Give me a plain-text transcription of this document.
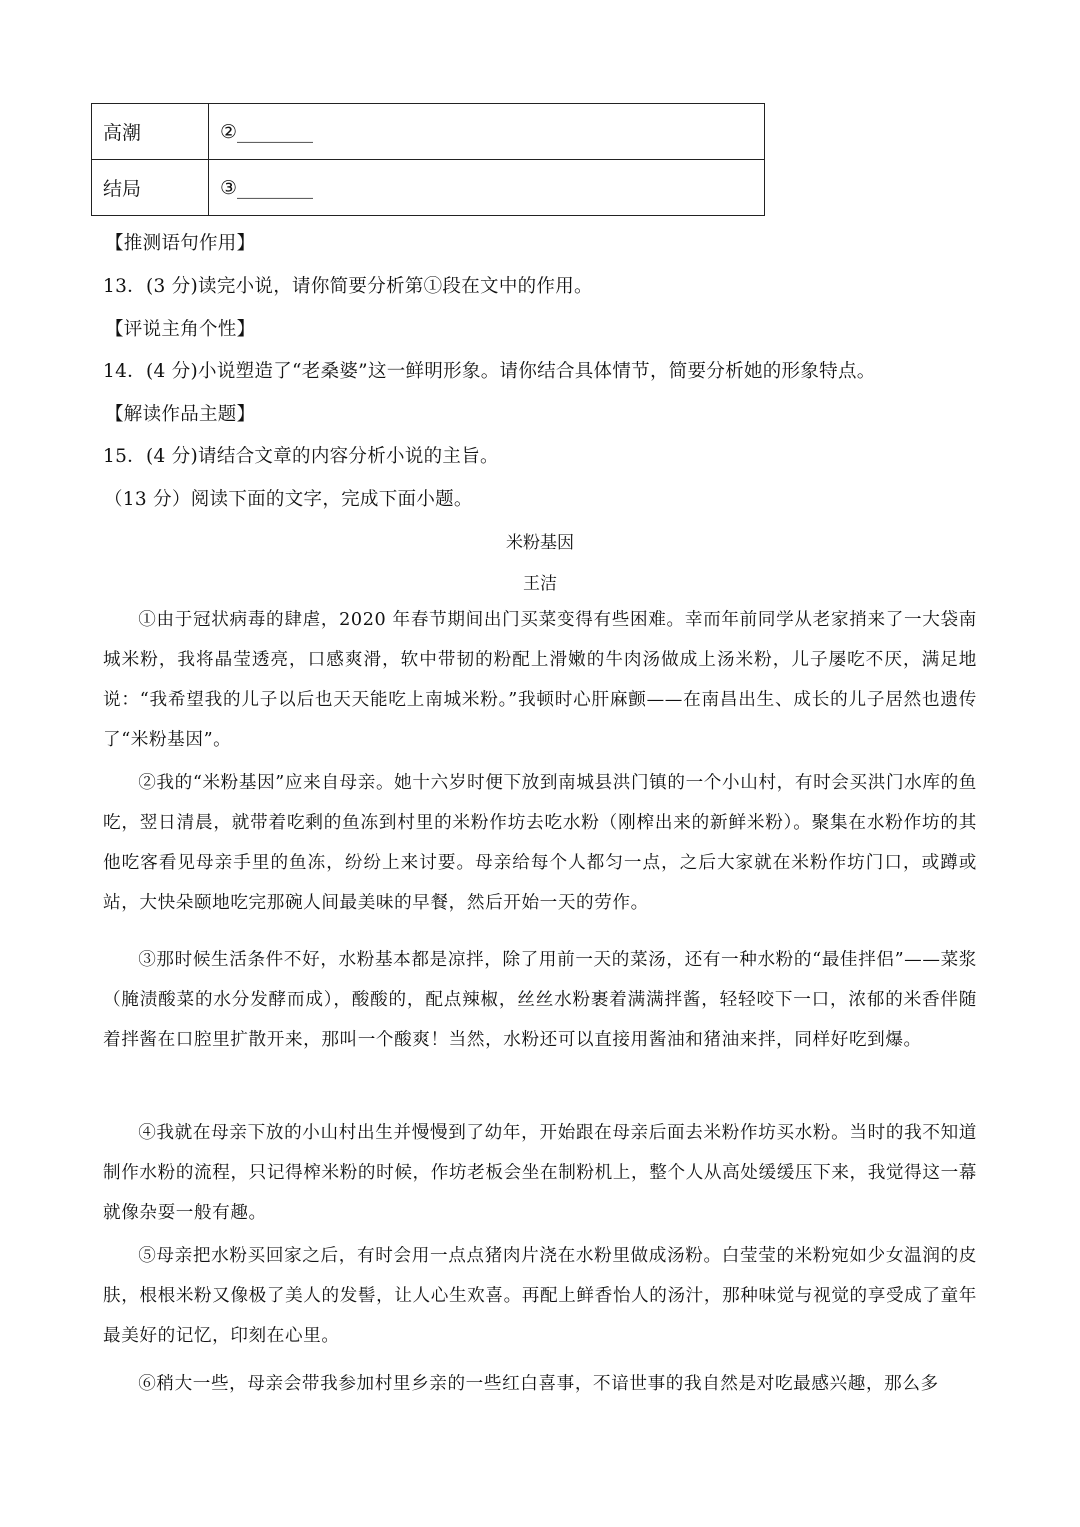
高潮	②________
结局	③________
【推测语句作用】
13．(3 分)读完小说，请你简要分析第①段在文中的作用。
【评说主角个性】
14．(4 分)小说塑造了“老桑婆”这一鲜明形象。请你结合具体情节，简要分析她的形象特点。
【解读作品主题】
15．(4 分)请结合文章的内容分析小说的主旨。
（13 分）阅读下面的文字，完成下面小题。
米粉基因
王洁
①由于冠状病毒的肆虐，2020 年春节期间出门买菜变得有些困难。幸而年前同学从老家捎来了一大袋南城米粉，我将晶莹透亮，口感爽滑，软中带韧的粉配上滑嫩的牛肉汤做成上汤米粉，儿子屡吃不厌，满足地说：“我希望我的儿子以后也天天能吃上南城米粉。”我顿时心肝麻颤——在南昌出生、成长的儿子居然也遗传了“米粉基因”。
②我的“米粉基因”应来自母亲。她十六岁时便下放到南城县洪门镇的一个小山村，有时会买洪门水库的鱼吃，翌日清晨，就带着吃剩的鱼冻到村里的米粉作坊去吃水粉（刚榨出来的新鲜米粉）。聚集在水粉作坊的其他吃客看见母亲手里的鱼冻，纷纷上来讨要。母亲给每个人都匀一点，之后大家就在米粉作坊门口，或蹲或站，大快朵颐地吃完那碗人间最美味的早餐，然后开始一天的劳作。
③那时候生活条件不好，水粉基本都是凉拌，除了用前一天的菜汤，还有一种水粉的“最佳拌侣”——菜浆（腌渍酸菜的水分发酵而成），酸酸的，配点辣椒，丝丝水粉裹着满满拌酱，轻轻咬下一口，浓郁的米香伴随着拌酱在口腔里扩散开来，那叫一个酸爽！当然，水粉还可以直接用酱油和猪油来拌，同样好吃到爆。
④我就在母亲下放的小山村出生并慢慢到了幼年，开始跟在母亲后面去米粉作坊买水粉。当时的我不知道制作水粉的流程，只记得榨米粉的时候，作坊老板会坐在制粉机上，整个人从高处缓缓压下来，我觉得这一幕就像杂耍一般有趣。
⑤母亲把水粉买回家之后，有时会用一点点猪肉片浇在水粉里做成汤粉。白莹莹的米粉宛如少女温润的皮肤，根根米粉又像极了美人的发髻，让人心生欢喜。再配上鲜香怡人的汤汁，那种味觉与视觉的享受成了童年最美好的记忆，印刻在心里。
⑥稍大一些，母亲会带我参加村里乡亲的一些红白喜事，不谙世事的我自然是对吃最感兴趣，那么多
